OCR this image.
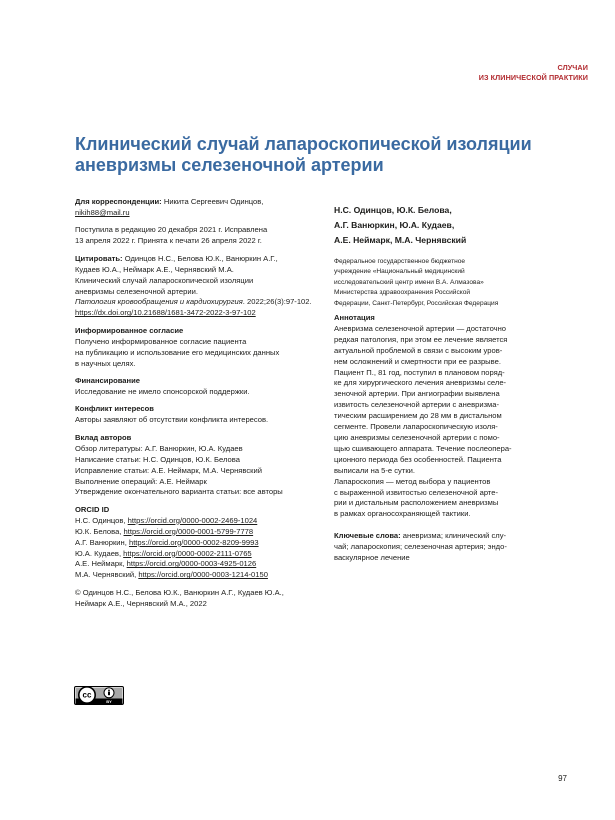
СЛУЧАИ
ИЗ КЛИНИЧЕСКОЙ ПРАКТИКИ
Клинический случай лапароскопической изоляции
аневризмы селезеночной артерии

Для корреспонденции: Никита Сергеевич Одинцов,

nikih88@mail.ru

Поступила в редакцию 20 декабря 2021 г. Исправлена
13 апреля 2022 г. Принята к печати 26 апреля 2022 г.

Цитировать: Одинцов Н.С., Белова Ю.К., Ванюркин А.Г.,
Кудаев Ю.А., Неймарк А.Е., Чернявский М.А.
Клинический случай лапароскопической изоляции
аневризмы селезеночной артерии.
Патология кровообращения и кардиохирургия. 2022;26(3):97-102.
https://dx.doi.org/10.21688/1681-3472-2022-3-97-102

Информированное согласие

Получено информированное согласие пациента
на публикацию и использование его медицинских данных
в научных целях.

Финансирование

Исследование не имело спонсорской поддержки.

Конфликт интересов

Авторы заявляют об отсутствии конфликта интересов.

Вклад авторов

Обзор литературы: А.Г. Ванюркин, Ю.А. Кудаев
Написание статьи: Н.С. Одинцов, Ю.К. Белова
Исправление статьи: А.Е. Неймарк, М.А. Чернявский
Выполнение операций: А.Е. Неймарк
Утверждение окончательного варианта статьи: все авторы

ORCID ID

Н.С. Одинцов, https://orcid.org/0000-0002-2469-1024
Ю.К. Белова, https://orcid.org/0000-0001-5799-7778
А.Г. Ванюркин, https://orcid.org/0000-0002-8209-9993
Ю.А. Кудаев, https://orcid.org/0000-0002-2111-0765
А.Е. Неймарк, https://orcid.org/0000-0003-4925-0126
М.А. Чернявский, https://orcid.org/0000-0003-1214-0150

© Одинцов Н.С., Белова Ю.К., Ванюркин А.Г., Кудаев Ю.А.,
Неймарк А.Е., Чернявский М.А., 2022

cc
BY

Н.С. Одинцов, Ю.К. Белова,
А.Г. Ванюркин, Ю.А. Кудаев,
А.Е. Неймарк, М.А. Чернявский

Федеральное государственное бюджетное
учреждение «Национальный медицинский
исследовательский центр имени В.А. Алмазова»
Министерства здравоохранения Российской
Федерации, Санкт-Петербург, Российская Федерация

Аннотация

Аневризма селезеночной артерии — достаточно
редкая патология, при этом ее лечение является
актуальной проблемой в связи с высоким уров-
нем осложнений и смертности при ее разрыве.
Пациент П., 81 год, поступил в плановом поряд-
ке для хирургического лечения аневризмы селе-
зеночной артерии. При ангиографии выявлена
извитость селезеночной артерии с аневризма-
тическим расширением до 28 мм в дистальном
сегменте. Провели лапароскопическую изоля-
цию аневризмы селезеночной артерии с помо-
щью сшивающего аппарата. Течение послеопера-
ционного периода без особенностей. Пациента
выписали на 5-е сутки.
Лапароскопия — метод выбора у пациентов
с выраженной извитостью селезеночной арте-
рии и дистальным расположением аневризмы
в рамках органосохраняющей тактики.

Ключевые слова: аневризма; клинический слу-
чай; лапароскопия; селезеночная артерия; эндо-
васкулярное лечение

97
